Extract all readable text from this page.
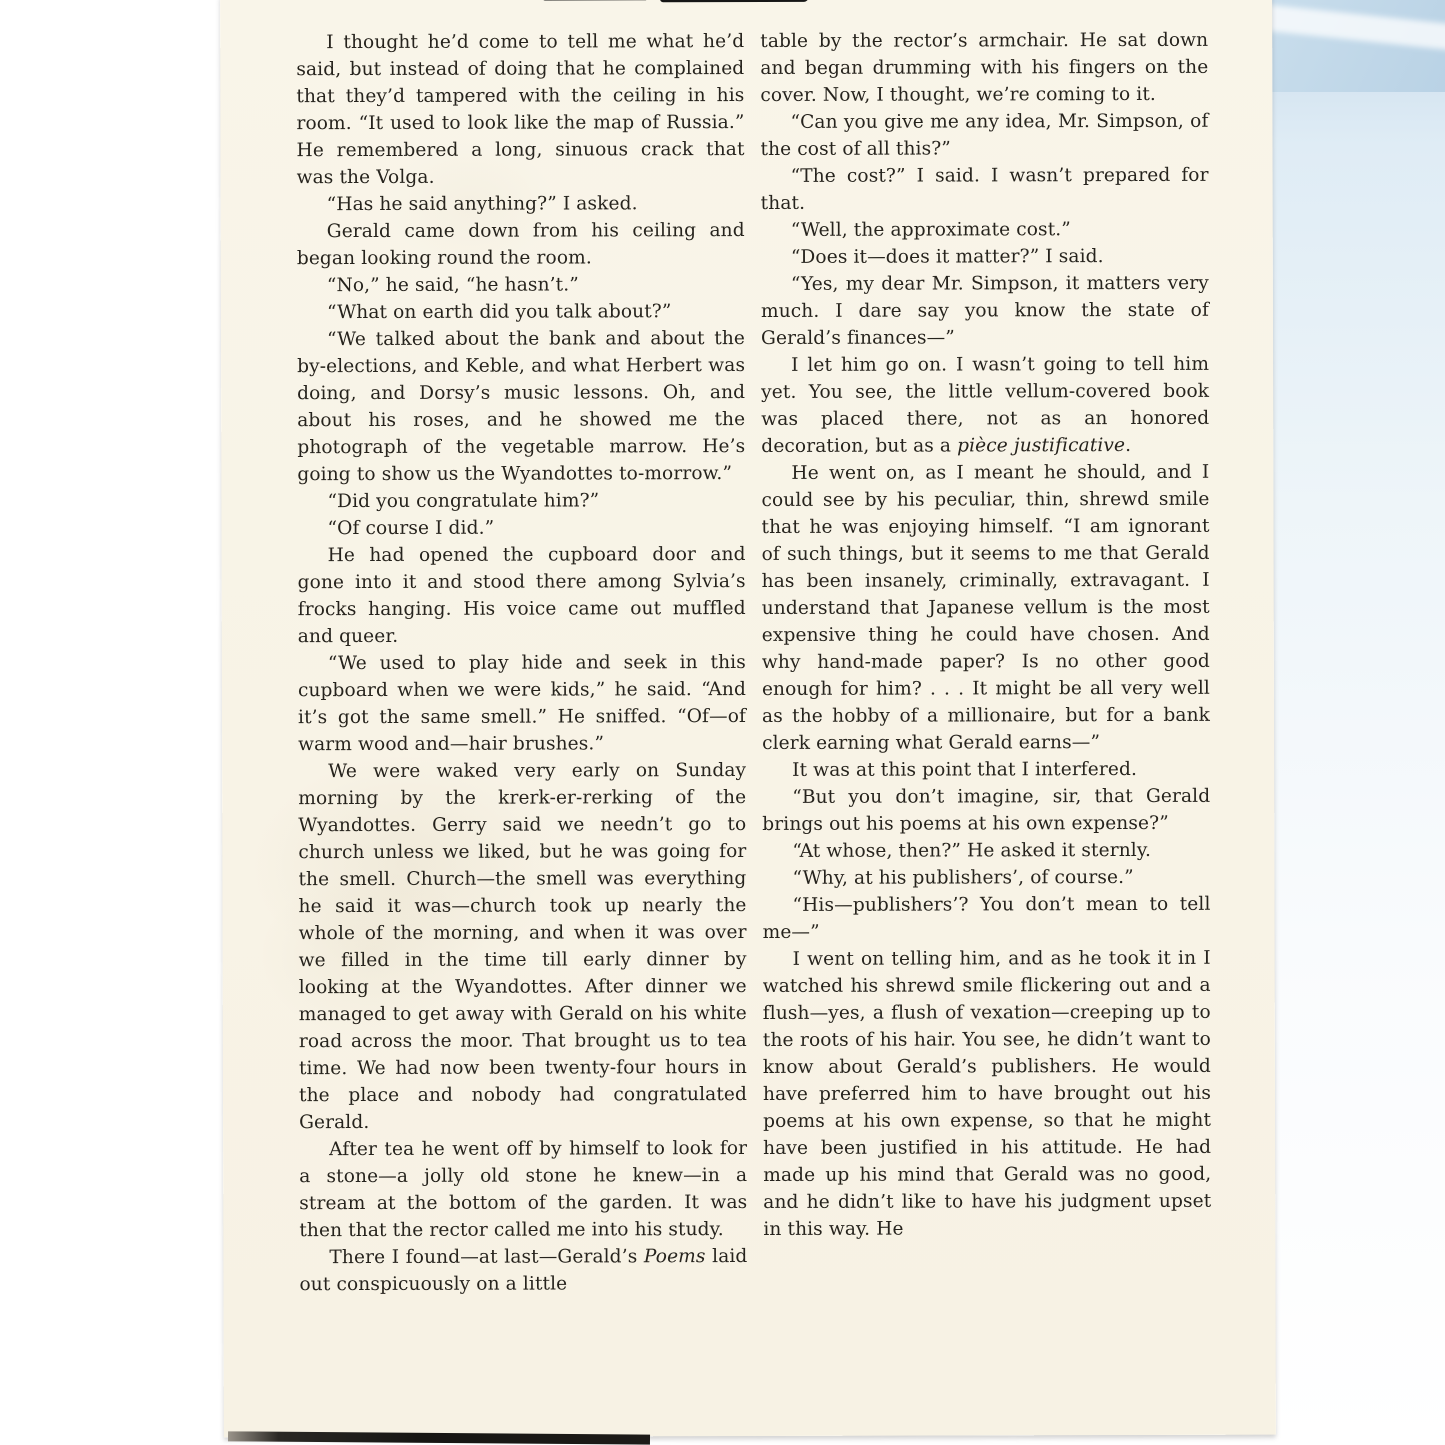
I thought he’d come to tell me what he’d said, but instead of doing that he complained that they’d tampered with the ceiling in his room. “It used to look like the map of Russia.” He remembered a long, sinuous crack that was the Volga.

“Has he said anything?” I asked.

Gerald came down from his ceiling and began looking round the room.

“No,” he said, “he hasn’t.”

“What on earth did you talk about?”

“We talked about the bank and about the by-elections, and Keble, and what Herbert was doing, and Dorsy’s music lessons. Oh, and about his roses, and he showed me the photograph of the vegetable marrow. He’s going to show us the Wyandottes to-morrow.”

“Did you congratulate him?”

“Of course I did.”

He had opened the cupboard door and gone into it and stood there among Sylvia’s frocks hanging. His voice came out muffled and queer.

“We used to play hide and seek in this cupboard when we were kids,” he said. “And it’s got the same smell.” He sniffed. “Of—of warm wood and—hair brushes.”

We were waked very early on Sunday morning by the krerk-er-rerking of the Wyandottes. Gerry said we needn’t go to church unless we liked, but he was going for the smell. Church—the smell was everything he said it was—church took up nearly the whole of the morning, and when it was over we filled in the time till early dinner by looking at the Wyandottes. After dinner we managed to get away with Gerald on his white road across the moor. That brought us to tea time. We had now been twenty-four hours in the place and nobody had congratulated Gerald.

After tea he went off by himself to look for a stone—a jolly old stone he knew—in a stream at the bottom of the garden. It was then that the rector called me into his study.

There I found—at last—Gerald’s Poems laid out conspicuously on a little

table by the rector’s armchair. He sat down and began drumming with his fingers on the cover. Now, I thought, we’re coming to it.

“Can you give me any idea, Mr. Simpson, of the cost of all this?”

“The cost?” I said. I wasn’t prepared for that.

“Well, the approximate cost.”

“Does it—does it matter?” I said.

“Yes, my dear Mr. Simpson, it matters very much. I dare say you know the state of Gerald’s finances—”

I let him go on. I wasn’t going to tell him yet. You see, the little vellum-covered book was placed there, not as an honored decoration, but as a pièce justificative.

He went on, as I meant he should, and I could see by his peculiar, thin, shrewd smile that he was enjoying himself. “I am ignorant of such things, but it seems to me that Gerald has been insanely, criminally, extravagant. I understand that Japanese vellum is the most expensive thing he could have chosen. And why hand-made paper? Is no other good enough for him? . . . It might be all very well as the hobby of a millionaire, but for a bank clerk earning what Gerald earns—”

It was at this point that I interfered.

“But you don’t imagine, sir, that Gerald brings out his poems at his own expense?”

“At whose, then?” He asked it sternly.

“Why, at his publishers’, of course.”

“His—publishers’? You don’t mean to tell me—”

I went on telling him, and as he took it in I watched his shrewd smile flickering out and a flush—yes, a flush of vexation—creeping up to the roots of his hair. You see, he didn’t want to know about Gerald’s publishers. He would have preferred him to have brought out his poems at his own expense, so that he might have been justified in his attitude. He had made up his mind that Gerald was no good, and he didn’t like to have his judgment upset in this way. He
